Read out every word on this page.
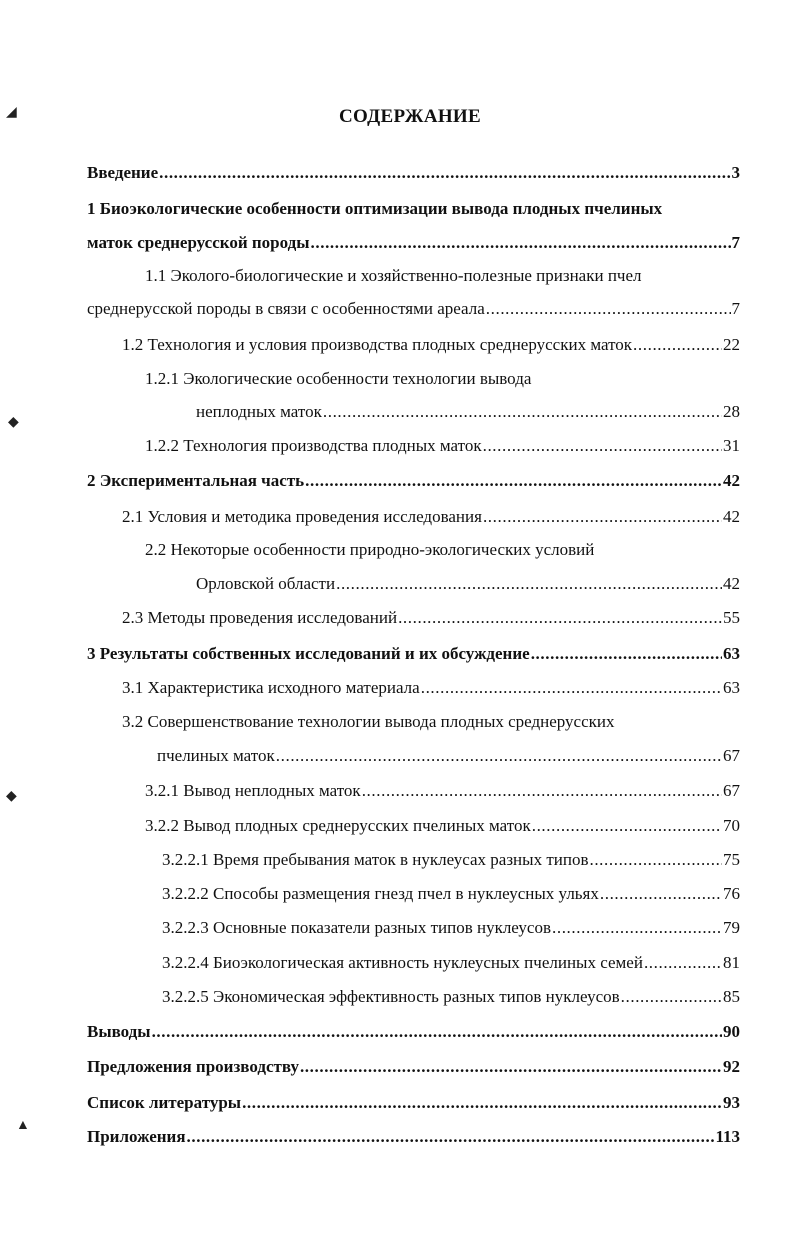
◢
◆
◆
▲
СОДЕРЖАНИЕ
Введение .....	3
1 Биоэкологические особенности оптимизации вывода плодных пчелиных
маток среднерусской породы .....	7
1.1 Эколого-биологические и хозяйственно-полезные признаки пчел
среднерусской породы в связи с особенностями ареала .....	7
1.2 Технология и условия производства плодных среднерусских маток .....	22
1.2.1 Экологические особенности технологии вывода
неплодных маток .....	28
1.2.2 Технология производства плодных маток .....	31
2 Экспериментальная часть .....	42
2.1 Условия и методика проведения исследования .....	42
2.2 Некоторые особенности природно-экологических условий
Орловской области .....	42
2.3 Методы проведения исследований .....	55
3 Результаты собственных исследований и их обсуждение .....	63
3.1 Характеристика исходного материала .....	63
3.2 Совершенствование технологии вывода плодных среднерусских
пчелиных маток .....	67
3.2.1 Вывод неплодных маток .....	67
3.2.2 Вывод плодных среднерусских пчелиных маток .....	70
3.2.2.1 Время пребывания маток в нуклеусах разных типов .....	75
3.2.2.2 Способы размещения гнезд пчел в нуклеусных ульях .....	76
3.2.2.3 Основные показатели разных типов нуклеусов .....	79
3.2.2.4 Биоэкологическая активность нуклеусных пчелиных семей .....	81
3.2.2.5 Экономическая эффективность разных типов нуклеусов .....	85
Выводы .....	90
Предложения производству .....	92
Список литературы .....	93
Приложения .....	113
